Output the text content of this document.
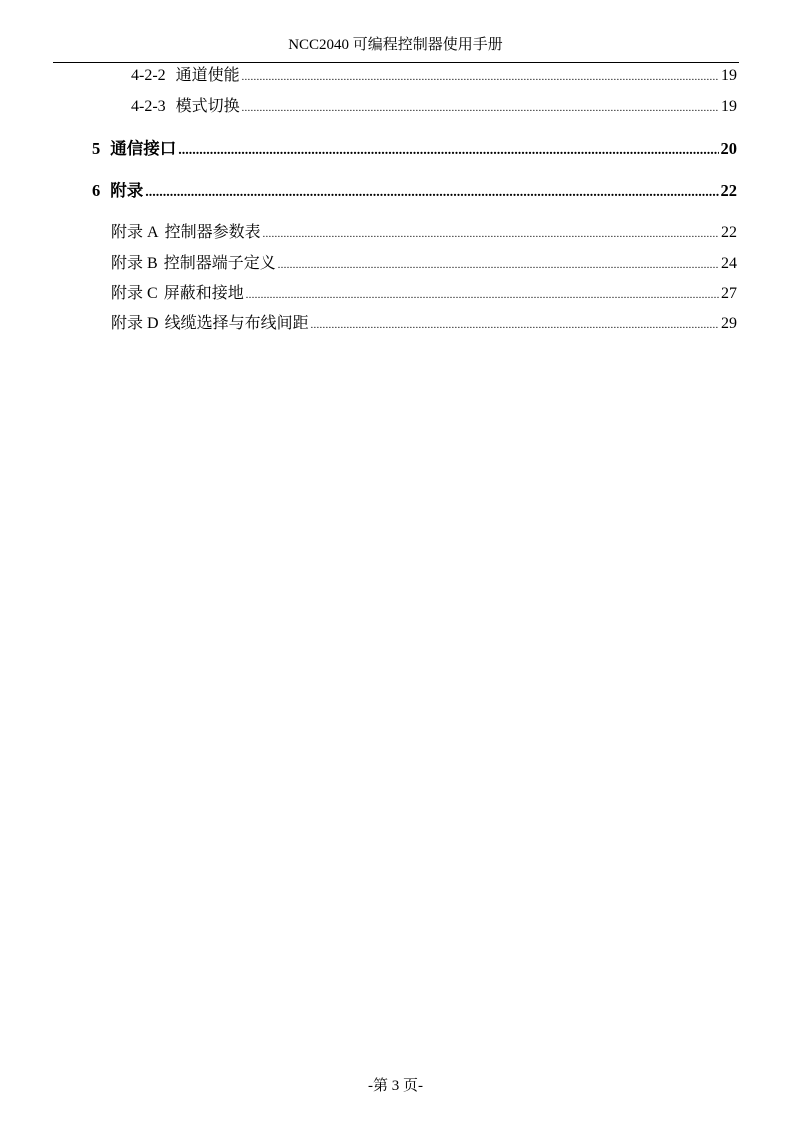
NCC2040 可编程控制器使用手册
4-2-2 通道使能 .....	19
4-2-3 模式切换 .....	19
5 通信接口 .....	20
6 附录 .....	22
附录 A 控制器参数表 .....	22
附录 B 控制器端子定义 .....	24
附录 C 屏蔽和接地 .....	27
附录 D 线缆选择与布线间距 .....	29
-第 3 页-
